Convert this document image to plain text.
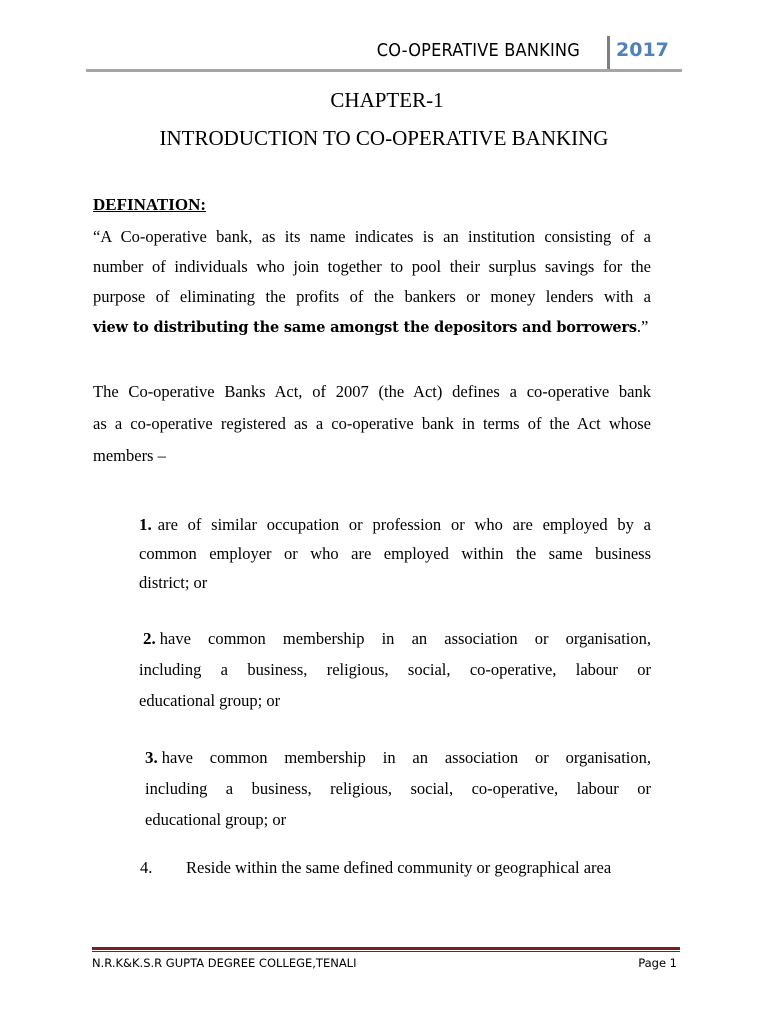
CO-OPERATIVE BANKING 2017
CHAPTER-1
INTRODUCTION TO CO-OPERATIVE BANKING
DEFINATION:
“A Co-operative bank, as its name indicates is an institution consisting of a
number of individuals who join together to pool their surplus savings for the
purpose of eliminating the profits of the bankers or money lenders with a
view to distributing the same amongst the depositors and borrowers.”
The Co-operative Banks Act, of 2007 (the Act) defines a co-operative bank
as a co-operative registered as a co-operative bank in terms of the Act whose
members –
1. are of similar occupation or profession or who are employed by a
common employer or who are employed within the same business
district; or
2. have common membership in an association or organisation,
including a business, religious, social, co-operative, labour or
educational group; or
3. have common membership in an association or organisation,
including a business, religious, social, co-operative, labour or
educational group; or
4. Reside within the same defined community or geographical area
N.R.K&K.S.R GUPTA DEGREE COLLEGE,TENALI	Page 1
